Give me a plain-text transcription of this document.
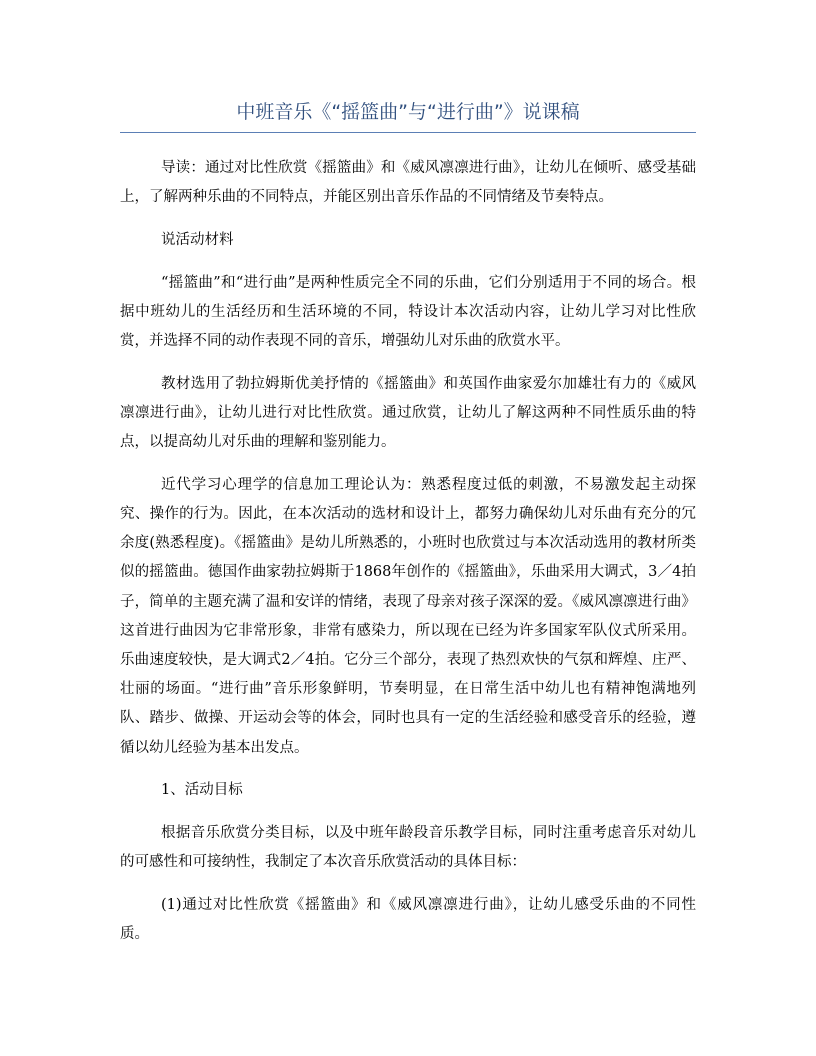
中班音乐《“摇篮曲”与“进行曲”》说课稿

导读：通过对比性欣赏《摇篮曲》和《威风凛凛进行曲》，让幼儿在倾听、感受基础上，了解两种乐曲的不同特点，并能区别出音乐作品的不同情绪及节奏特点。

说活动材料

“摇篮曲”和“进行曲”是两种性质完全不同的乐曲，它们分别适用于不同的场合。根据中班幼儿的生活经历和生活环境的不同，特设计本次活动内容，让幼儿学习对比性欣赏，并选择不同的动作表现不同的音乐，增强幼儿对乐曲的欣赏水平。

教材选用了勃拉姆斯优美抒情的《摇篮曲》和英国作曲家爱尔加雄壮有力的《威风凛凛进行曲》，让幼儿进行对比性欣赏。通过欣赏，让幼儿了解这两种不同性质乐曲的特点，以提高幼儿对乐曲的理解和鉴别能力。

近代学习心理学的信息加工理论认为：熟悉程度过低的刺激，不易激发起主动探究、操作的行为。因此，在本次活动的选材和设计上，都努力确保幼儿对乐曲有充分的冗余度(熟悉程度)。《摇篮曲》是幼儿所熟悉的，小班时也欣赏过与本次活动选用的教材所类似的摇篮曲。德国作曲家勃拉姆斯于1868年创作的《摇篮曲》，乐曲采用大调式，3／4拍子，简单的主题充满了温和安详的情绪，表现了母亲对孩子深深的爱。《威风凛凛进行曲》这首进行曲因为它非常形象，非常有感染力，所以现在已经为许多国家军队仪式所采用。乐曲速度较快，是大调式2／4拍。它分三个部分，表现了热烈欢快的气氛和辉煌、庄严、壮丽的场面。“进行曲”音乐形象鲜明，节奏明显，在日常生活中幼儿也有精神饱满地列队、踏步、做操、开运动会等的体会，同时也具有一定的生活经验和感受音乐的经验，遵循以幼儿经验为基本出发点。

1、活动目标

根据音乐欣赏分类目标，以及中班年龄段音乐教学目标，同时注重考虑音乐对幼儿的可感性和可接纳性，我制定了本次音乐欣赏活动的具体目标：

(1)通过对比性欣赏《摇篮曲》和《威风凛凛进行曲》，让幼儿感受乐曲的不同性质。
